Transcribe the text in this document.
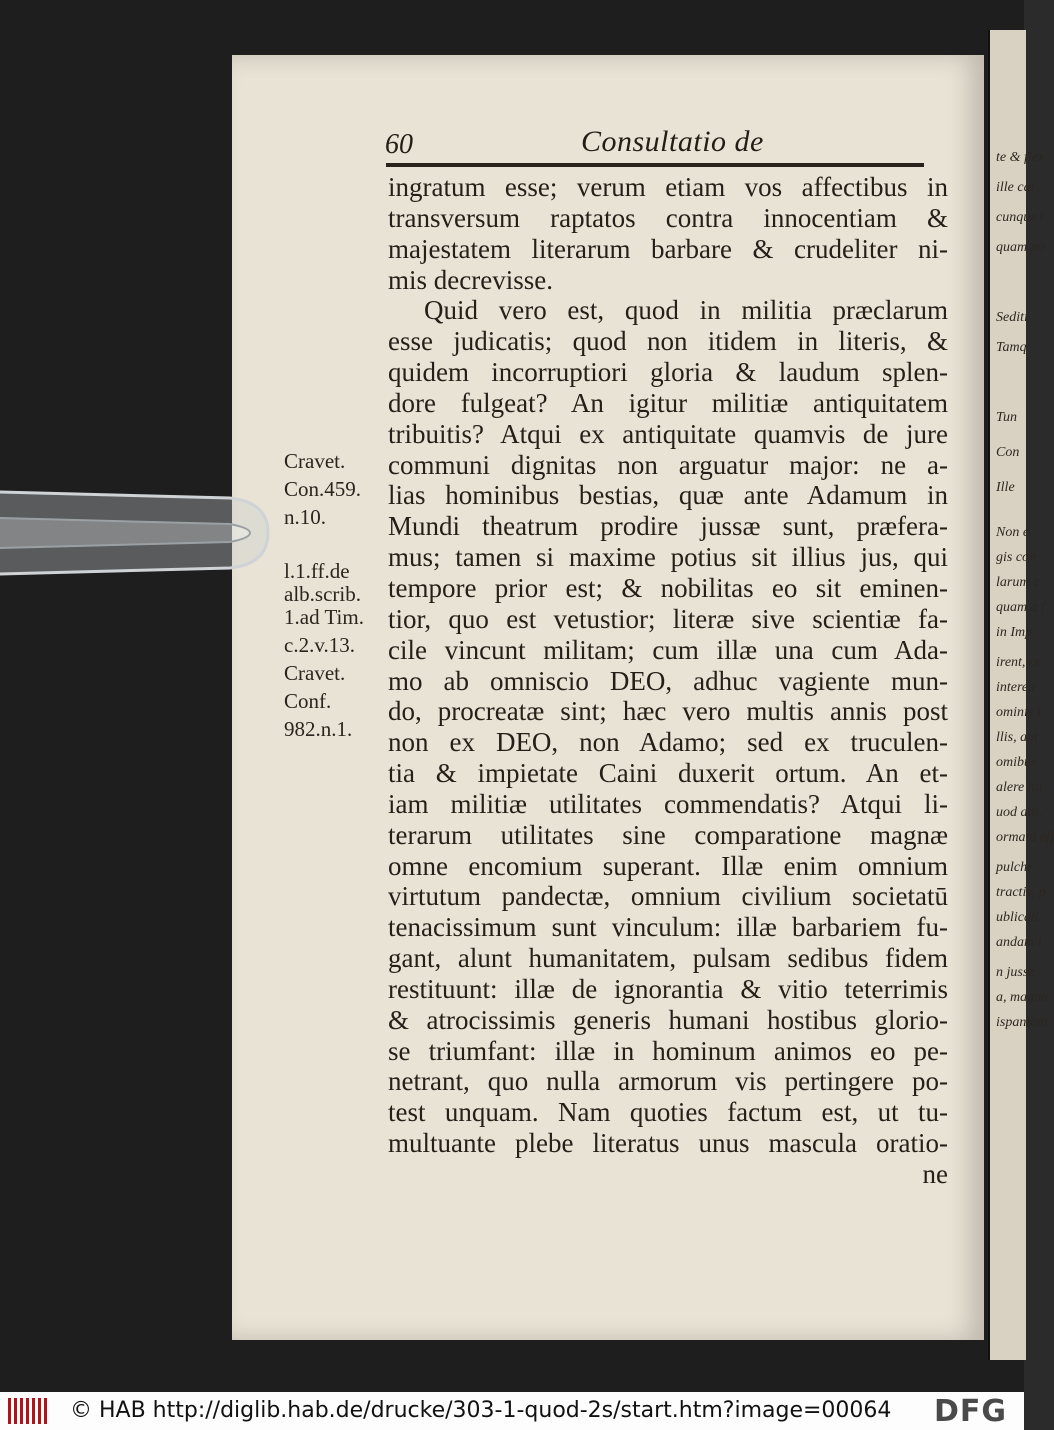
te & flex
ille cat
cunque t
quam po
Sediti
Tamq
Tun
Con
Ille
Non e
gis con
larum c
quam a f
in Imp.
irent, ce
interea
ominis i
llis, aut
omibus
alere fui
uod alii,
ormata eff
pulchr
tractis, p
ublicati
andam l
n jusse
a, magna
ispaniam
60	Consultatio de
ingratum esse; verum etiam vos affectibus in
transversum raptatos contra innocentiam &
majestatem literarum barbare & crudeliter ni-
mis decrevisse.
Quid vero est, quod in militia præclarum
esse judicatis; quod non itidem in literis, &
quidem incorruptiori gloria & laudum splen-
dore fulgeat? An igitur militiæ antiquitatem
tribuitis? Atqui ex antiquitate quamvis de jure
communi dignitas non arguatur major: ne a-
lias hominibus bestias, quæ ante Adamum in
Mundi theatrum prodire jussæ sunt, præfera-
mus; tamen si maxime potius sit illius jus, qui
tempore prior est; & nobilitas eo sit eminen-
tior, quo est vetustior; literæ sive scientiæ fa-
cile vincunt militam; cum illæ una cum Ada-
mo ab omniscio DEO, adhuc vagiente mun-
do, procreatæ sint; hæc vero multis annis post
non ex DEO, non Adamo; sed ex truculen-
tia & impietate Caini duxerit ortum. An et-
iam militiæ utilitates commendatis? Atqui li-
terarum utilitates sine comparatione magnæ
omne encomium superant. Illæ enim omnium
virtutum pandectæ, omnium civilium societatū
tenacissimum sunt vinculum: illæ barbariem fu-
gant, alunt humanitatem, pulsam sedibus fidem
restituunt: illæ de ignorantia & vitio teterrimis
& atrocissimis generis humani hostibus glorio-
se triumfant: illæ in hominum animos eo pe-
netrant, quo nulla armorum vis pertingere po-
test unquam. Nam quoties factum est, ut tu-
multuante plebe literatus unus mascula oratio-
ne
Cravet.
Con.459.
n.10.
l.1.ff.de
alb.scrib.
1.ad Tim.
c.2.v.13.
Cravet.
Conf.
982.n.1.
© HAB http://diglib.hab.de/drucke/303-1-quod-2s/start.htm?image=00064 DFG
